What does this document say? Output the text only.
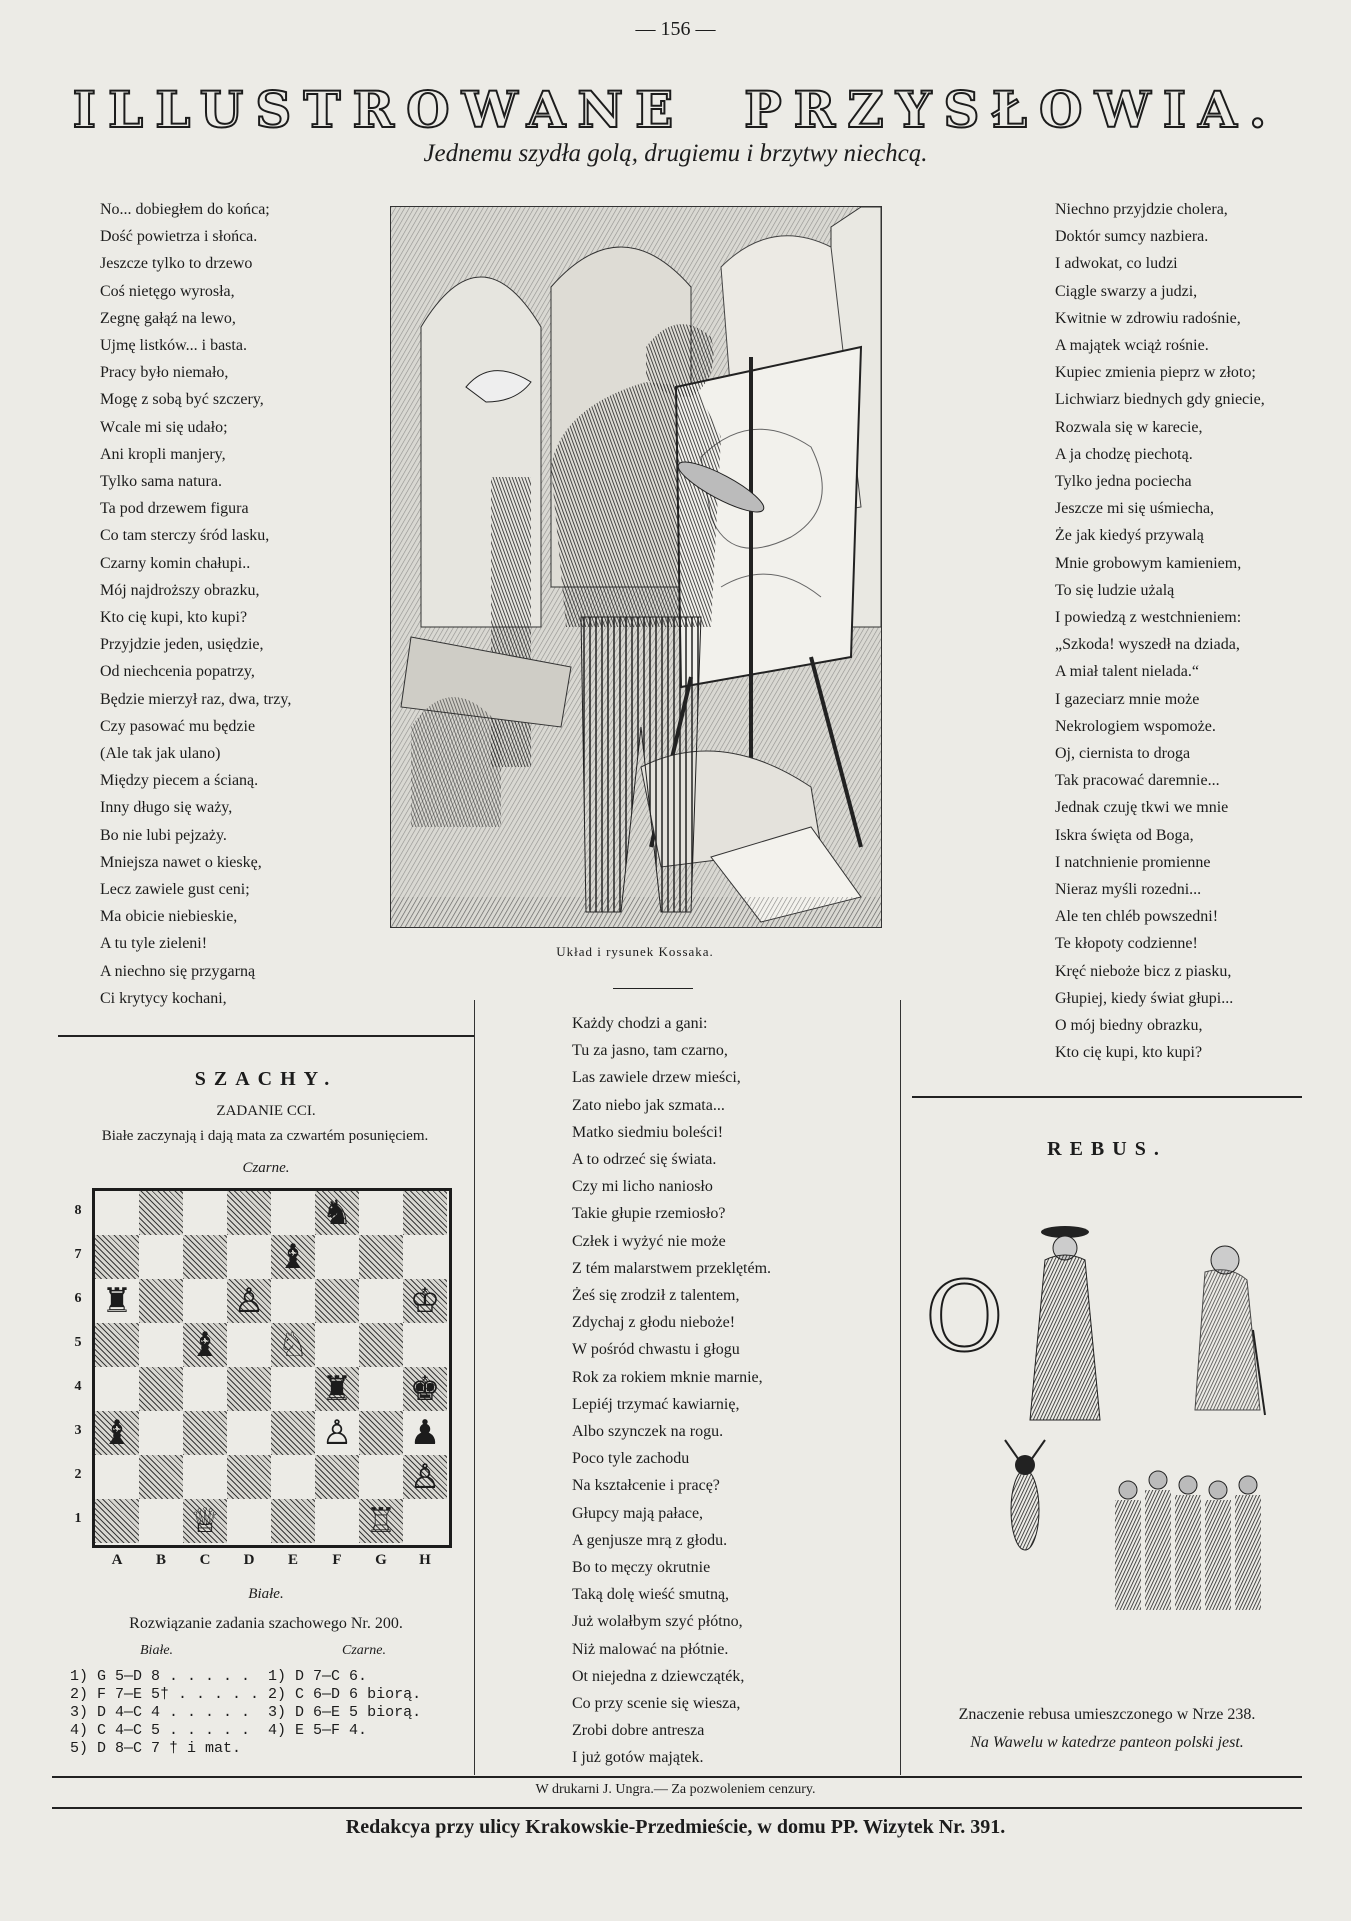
— 156 —
ILLUSTROWANE PRZYSŁOWIA.
Jednemu szydła golą, drugiemu i brzytwy niechcą.
No... dobiegłem do końca;
Dość powietrza i słońca.
Jeszcze tylko to drzewo
Coś nietęgo wyrosła,
Zegnę gałąź na lewo,
Ujmę listków... i basta.
Pracy było niemało,
Mogę z sobą być szczery,
Wcale mi się udało;
Ani kropli manjery,
Tylko sama natura.
Ta pod drzewem figura
Co tam sterczy śród lasku,
Czarny komin chałupi..
Mój najdroższy obrazku,
Kto cię kupi, kto kupi?
Przyjdzie jeden, usiędzie,
Od niechcenia popatrzy,
Będzie mierzył raz, dwa, trzy,
Czy pasować mu będzie
(Ale tak jak ulano)
Między piecem a ścianą.
Inny długo się waży,
Bo nie lubi pejzaży.
Mniejsza nawet o kieskę,
Lecz zawiele gust ceni;
Ma obicie niebieskie,
A tu tyle zieleni!
A niechno się przygarną
Ci krytycy kochani,
Układ i rysunek Kossaka.
Niechno przyjdzie cholera,
Doktór sumcy nazbiera.
I adwokat, co ludzi
Ciągle swarzy a judzi,
Kwitnie w zdrowiu radośnie,
A majątek wciąż rośnie.
Kupiec zmienia pieprz w złoto;
Lichwiarz biednych gdy gniecie,
Rozwala się w karecie,
A ja chodzę piechotą.
Tylko jedna pociecha
Jeszcze mi się uśmiecha,
Że jak kiedyś przywalą
Mnie grobowym kamieniem,
To się ludzie użalą
I powiedzą z westchnieniem:
„Szkoda! wyszedł na dziada,
A miał talent nielada.“
I gazeciarz mnie może
Nekrologiem wspomoże.
Oj, ciernista to droga
Tak pracować daremnie...
Jednak czuję tkwi we mnie
Iskra święta od Boga,
I natchnienie promienne
Nieraz myśli rozedni...
Ale ten chléb powszedni!
Te kłopoty codzienne!
Kręć nieboże bicz z piasku,
Głupiej, kiedy świat głupi...
O mój biedny obrazku,
Kto cię kupi, kto kupi?
Każdy chodzi a gani:
Tu za jasno, tam czarno,
Las zawiele drzew mieści,
Zato niebo jak szmata...
Matko siedmiu boleści!
A to odrzeć się świata.
Czy mi licho naniosło
Takie głupie rzemiosło?
Człek i wyżyć nie może
Z tém malarstwem przeklętém.
Żeś się zrodził z talentem,
Zdychaj z głodu nieboże!
W pośród chwastu i głogu
Rok za rokiem mknie marnie,
Lepiéj trzymać kawiarnię,
Albo szynczek na rogu.
Poco tyle zachodu
Na kształcenie i pracę?
Głupcy mają pałace,
A genjusze mrą z głodu.
Bo to męczy okrutnie
Taką dolę wieść smutną,
Już wolałbym szyć płótno,
Niż malować na płótnie.
Ot niejedna z dziewcząték,
Co przy scenie się wiesza,
Zrobi dobre antresza
I już gotów majątek.
SZACHY.
ZADANIE CCI.
Białe zaczynają i dają mata za czwartém posunięciem.
Czarne.
♞
♝
♜	♙	♔
♝ ♘
♜ ♚
♝	♙ ♟
♙
♕	♖
8
7
6
5
4
3
2
1
A	B	C	D	E	F	G	H
Białe.
Rozwiązanie zadania szachowego Nr. 200.
Białe.	Czarne.
1) G 5—D 8 . . . . .  1) D 7—C 6.
2) F 7—E 5† . . . . . 2) C 6—D 6 biorą.
3) D 4—C 4 . . . . .  3) D 6—E 5 biorą.
4) C 4—C 5 . . . . .  4) E 5—F 4.
5) D 8—C 7 † i mat.
REBUS.
O
Znaczenie rebusa umieszczonego w Nrze 238.
Na Wawelu w katedrze panteon polski jest.
W drukarni J. Ungra.— Za pozwoleniem cenzury.
Redakcya przy ulicy Krakowskie-Przedmieście, w domu PP. Wizytek Nr. 391.
